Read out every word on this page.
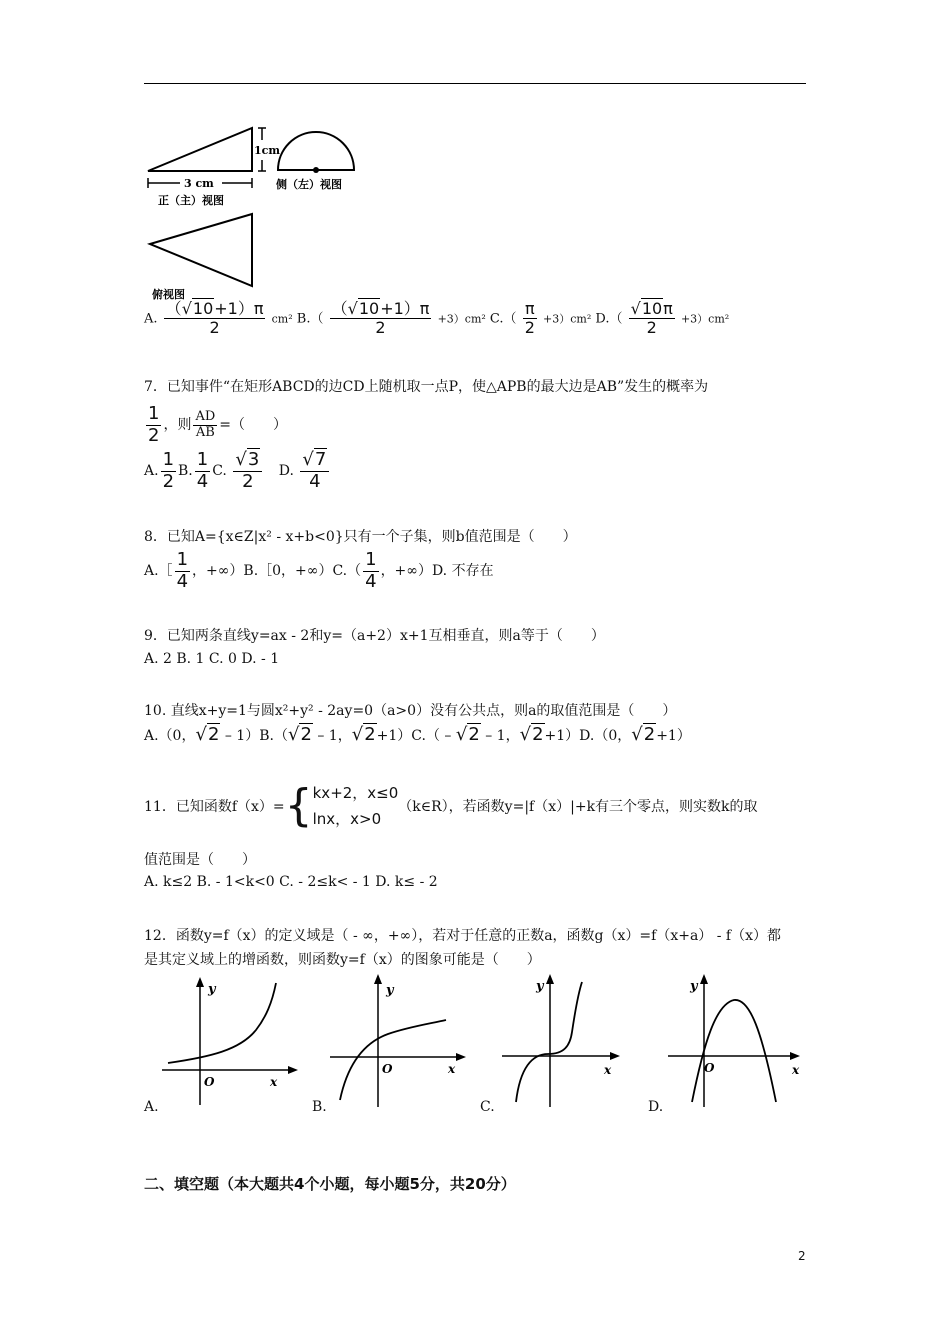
1cm
3 cm
正（主）视图
侧（左）视图
俯视图
A. $\frac{(√10+1)\pi}{2} cm^2$ $B.( \frac{(√10+1)\pi}{2} +3)cm^2$ $C.( \frac{\pi}{2} +3)cm^2$ $D.( \frac{√10\pi}{2} +3)cm^2$
7．已知事件“在矩形ABCD的边CD上随机取一点P，使△APB的最大边是AB”发生的概率为
$\frac{1}{2}$ ，则 $\frac{AD}{AB}$ =（　　）
A. $\frac{1}{2} B$. $\frac{1}{4} C$. $\frac{√3}{2} D$. $\frac{√7}{4}$
8．已知A={x∈Z|x² - x+b<0}只有一个子集，则b值范围是（　　）
A.［ $\frac{1}{4}$ ，+∞）B.［0，$+\infty)C.( \frac{1}{4}$ ，+∞）D. 不存在
9．已知两条直线y=ax - 2和y=（a+2）x+1互相垂直，则a等于（　　）
A. 2 B. 1 C. 0 D. - 1
10. 直线x+y=1与圆x²+y² - 2ay=0（a>0）没有公共点，则a的取值范围是（　　）
A.（0，√2 – 1）B.（√2 – 1，√2+1）C.（ – √2 – 1，√2+1）D.（0，√2+1）
11．已知函数f（x）={ kx+2，x≤0
lnx，x>0
（k∈R），若函数y=|f（x）|+k有三个零点，则实数k的取
值范围是（　　）
A. k≤2 B. - 1<k<0 C. - 2≤k< - 1 D. k≤ - 2
12．函数y=f（x）的定义域是（ - ∞，+∞），若对于任意的正数a，函数g（x）=f（x+a） - f（x）都
是其定义域上的增函数，则函数y=f（x）的图象可能是（　　）
y
O	x
A.
y
O	x
B.
y
x
C.
y
O	x
D.
二、填空题（本大题共4个小题，每小题5分，共20分）
2
